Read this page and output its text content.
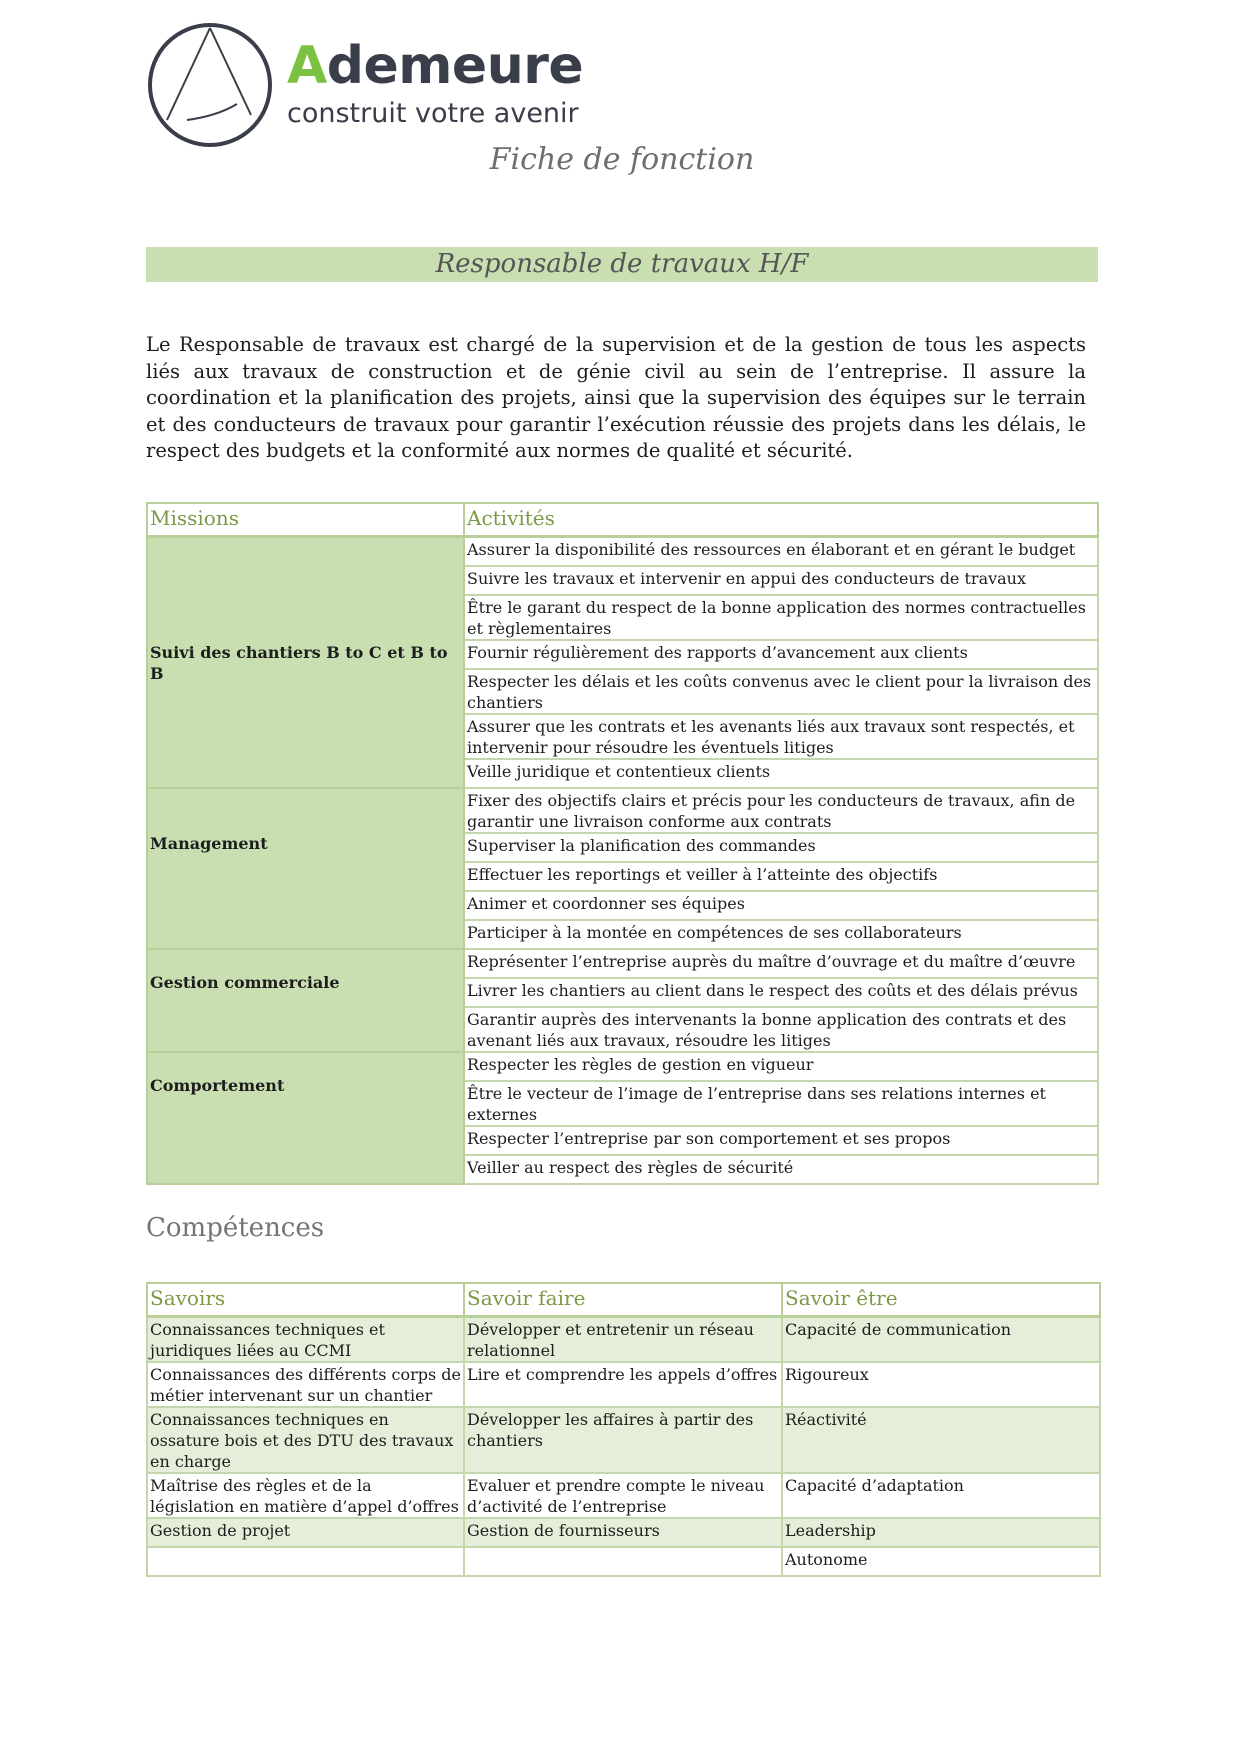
Ademeure
construit votre avenir
Fiche de fonction
Responsable de travaux H/F
Le Responsable de travaux est chargé de la supervision et de la gestion de tous les aspects liés aux travaux de construction et de génie civil au sein de l’entreprise. Il assure la coordination et la planification des projets, ainsi que la supervision des équipes sur le terrain et des conducteurs de travaux pour garantir l’exécution réussie des projets dans les délais, le respect des budgets et la conformité aux normes de qualité et sécurité.
Missions	Activités
Suivi des chantiers B to C et B to B	Assurer la disponibilité des ressources en élaborant et en gérant le budget
	Suivre les travaux et intervenir en appui des conducteurs de travaux
	Être le garant du respect de la bonne application des normes contractuelles et règlementaires
	Fournir régulièrement des rapports d’avancement aux clients
	Respecter les délais et les coûts convenus avec le client pour la livraison des chantiers
	Assurer que les contrats et les avenants liés aux travaux sont respectés, et intervenir pour résoudre les éventuels litiges
	Veille juridique et contentieux clients
Management	Fixer des objectifs clairs et précis pour les conducteurs de travaux, afin de garantir une livraison conforme aux contrats
	Superviser la planification des commandes
	Effectuer les reportings et veiller à l’atteinte des objectifs
	Animer et coordonner ses équipes
	Participer à la montée en compétences de ses collaborateurs
Gestion commerciale	Représenter l’entreprise auprès du maître d’ouvrage et du maître d’œuvre
	Livrer les chantiers au client dans le respect des coûts et des délais prévus
	Garantir auprès des intervenants la bonne application des contrats et des avenant liés aux travaux, résoudre les litiges
Comportement	Respecter les règles de gestion en vigueur
	Être le vecteur de l’image de l’entreprise dans ses relations internes et externes
	Respecter l’entreprise par son comportement et ses propos
	Veiller au respect des règles de sécurité
Compétences
Savoirs	Savoir faire	Savoir être
Connaissances techniques et juridiques liées au CCMI	Développer et entretenir un réseau relationnel	Capacité de communication
Connaissances des différents corps de métier intervenant sur un chantier	Lire et comprendre les appels d’offres	Rigoureux
Connaissances techniques en ossature bois et des DTU des travaux en charge	Développer les affaires à partir des chantiers	Réactivité
Maîtrise des règles et de la législation en matière d’appel d’offres	Evaluer et prendre compte le niveau d’activité de l’entreprise	Capacité d’adaptation
Gestion de projet	Gestion de fournisseurs	Leadership
		Autonome
